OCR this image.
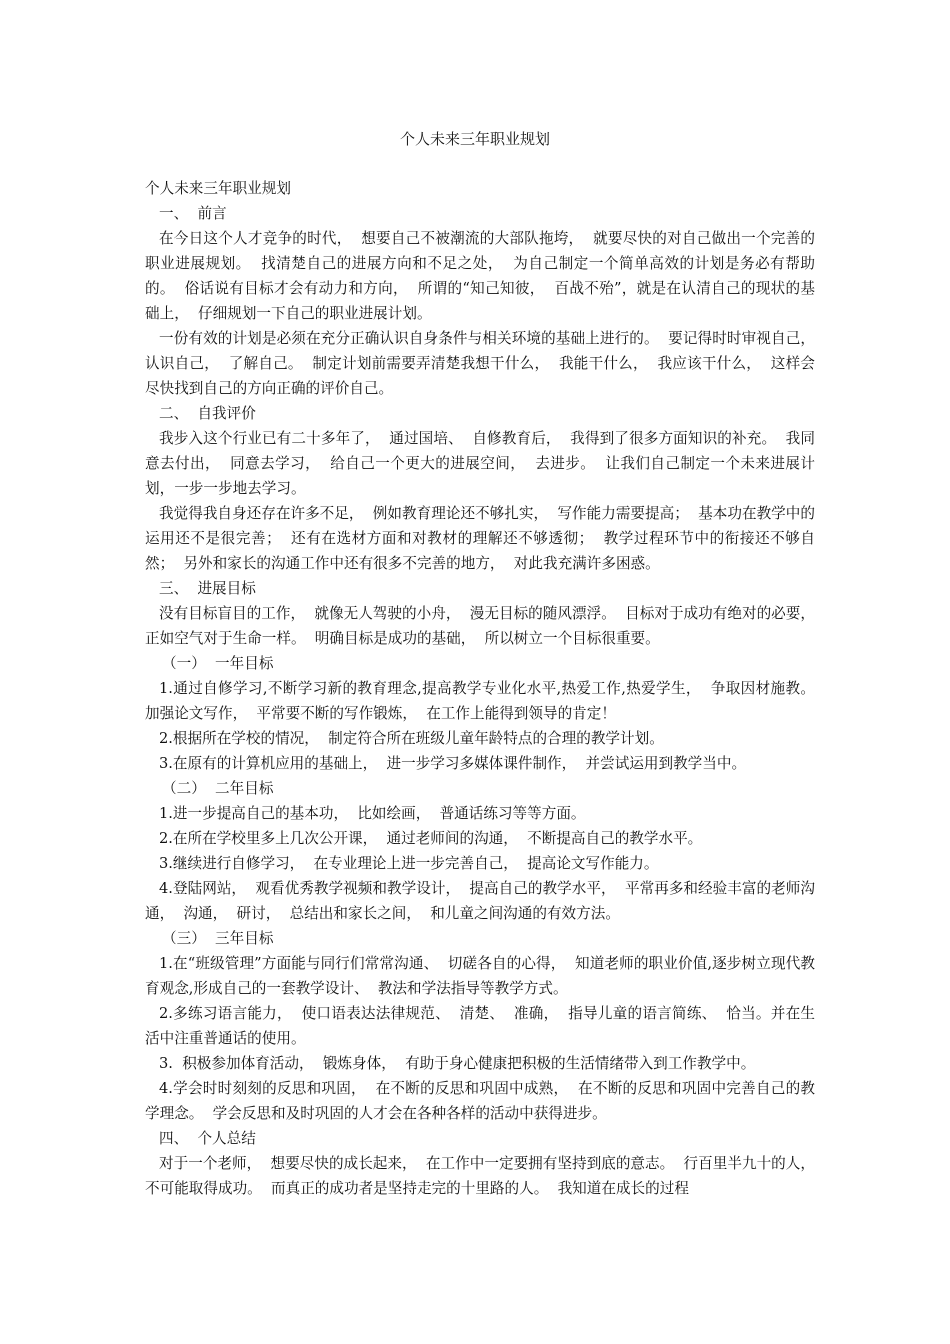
个人未来三年职业规划

个人未来三年职业规划

一、  前言

在今日这个人才竞争的时代，  想要自己不被潮流的大部队拖垮，  就要尽快的对自己做出一个完善的职业进展规划。  找清楚自己的进展方向和不足之处，  为自己制定一个简单高效的计划是务必有帮助的。  俗话说有目标才会有动力和方向，  所谓的“知己知彼，  百战不殆”，就是在认清自己的现状的基础上，  仔细规划一下自己的职业进展计划。

一份有效的计划是必须在充分正确认识自身条件与相关环境的基础上进行的。  要记得时时审视自己，  认识自己，  了解自己。  制定计划前需要弄清楚我想干什么，  我能干什么，  我应该干什么，  这样会尽快找到自己的方向正确的评价自己。

二、  自我评价

我步入这个行业已有二十多年了，  通过国培、  自修教育后，  我得到了很多方面知识的补充。  我同意去付出，  同意去学习，  给自己一个更大的进展空间，  去进步。  让我们自己制定一个未来进展计划，一步一步地去学习。

我觉得我自身还存在许多不足，  例如教育理论还不够扎实，  写作能力需要提高；  基本功在教学中的运用还不是很完善；  还有在选材方面和对教材的理解还不够透彻；  教学过程环节中的衔接还不够自然；  另外和家长的沟通工作中还有很多不完善的地方，  对此我充满许多困惑。

三、  进展目标

没有目标盲目的工作，  就像无人驾驶的小舟，  漫无目标的随风漂浮。  目标对于成功有绝对的必要，  正如空气对于生命一样。  明确目标是成功的基础，  所以树立一个目标很重要。

（一）  一年目标

1.通过自修学习,不断学习新的教育理念,提高教学专业化水平,热爱工作,热爱学生，  争取因材施教。  加强论文写作，  平常要不断的写作锻炼，  在工作上能得到领导的肯定！

2.根据所在学校的情况，  制定符合所在班级儿童年龄特点的合理的教学计划。

3.在原有的计算机应用的基础上，  进一步学习多媒体课件制作，  并尝试运用到教学当中。

（二）  二年目标

1.进一步提高自己的基本功，  比如绘画，  普通话练习等等方面。

2.在所在学校里多上几次公开课，  通过老师间的沟通，  不断提高自己的教学水平。

3.继续进行自修学习，  在专业理论上进一步完善自己，  提高论文写作能力。

4.登陆网站，  观看优秀教学视频和教学设计，  提高自己的教学水平，  平常再多和经验丰富的老师沟通，  沟通，  研讨，  总结出和家长之间，  和儿童之间沟通的有效方法。

（三）  三年目标

1.在“班级管理”方面能与同行们常常沟通、  切磋各自的心得，  知道老师的职业价值,逐步树立现代教育观念,形成自己的一套教学设计、  教法和学法指导等教学方式。

2.多练习语言能力，  使口语表达法律规范、  清楚、  准确，  指导儿童的语言简练、  恰当。并在生活中注重普通话的使用。

3.  积极参加体育活动，  锻炼身体，  有助于身心健康把积极的生活情绪带入到工作教学中。

4.学会时时刻刻的反思和巩固，  在不断的反思和巩固中成熟，  在不断的反思和巩固中完善自己的教学理念。  学会反思和及时巩固的人才会在各种各样的活动中获得进步。

四、  个人总结

对于一个老师，  想要尽快的成长起来，  在工作中一定要拥有坚持到底的意志。  行百里半九十的人，  不可能取得成功。  而真正的成功者是坚持走完的十里路的人。  我知道在成长的过程
